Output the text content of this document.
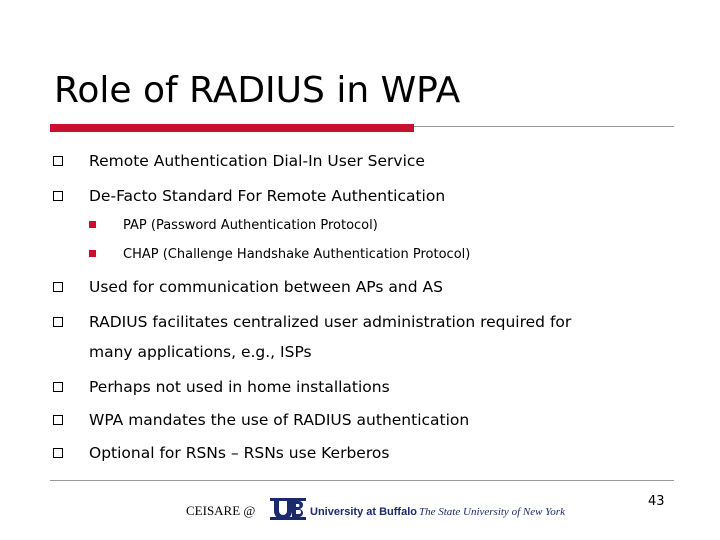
Role of RADIUS in WPA
Remote Authentication Dial-In User Service
De-Facto Standard For Remote Authentication
PAP (Password Authentication Protocol)
CHAP (Challenge Handshake Authentication Protocol)
Used for communication between APs and AS
RADIUS facilitates centralized user administration required for
many applications, e.g., ISPs
Perhaps not used in home installations
WPA mandates the use of RADIUS authentication
Optional for RSNs – RSNs use Kerberos
CEISARE @	University at Buffalo The State University of New York
43
